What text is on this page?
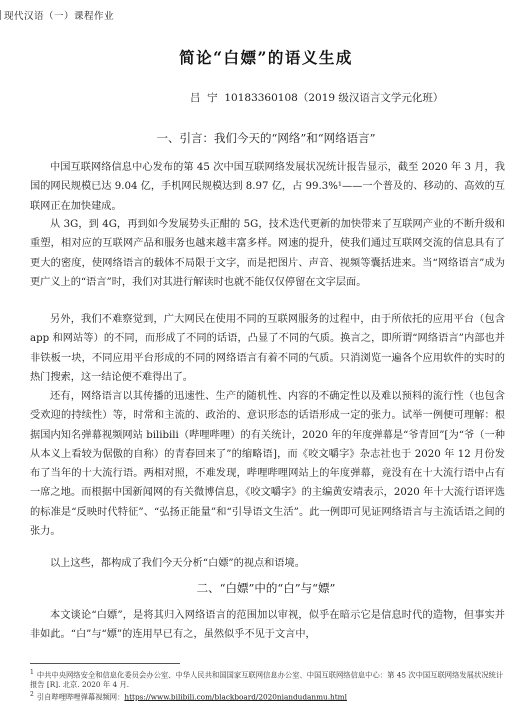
现代汉语（一）课程作业
简论“白嫖”的语义生成
吕  宁  10183360108（2019 级汉语言文学元化班）
一、引言：我们今天的“网络”和“网络语言”

中国互联网络信息中心发布的第 45 次中国互联网络发展状况统计报告显示，截至 2020 年 3 月，我国的网民规模已达 9.04 亿，手机网民规模达到 8.97 亿，占 99.3%¹——一个普及的、移动的、高效的互联网正在加快建成。

从 3G，到 4G，再到如今发展势头正酣的 5G，技术迭代更新的加快带来了互联网产业的不断升级和重塑，相对应的互联网产品和服务也越来越丰富多样。网速的提升，使我们通过互联网交流的信息具有了更大的密度，使网络语言的载体不局限于文字，而是把图片、声音、视频等囊括进来。当“网络语言”成为更广义上的“语言”时，我们对其进行解读时也就不能仅仅停留在文字层面。

另外，我们不难察觉到，广大网民在使用不同的互联网服务的过程中，由于所依托的应用平台（包含 app 和网站等）的不同，而形成了不同的话语，凸显了不同的气质。换言之，即所谓“网络语言”内部也并非铁板一块，不同应用平台形成的不同的网络语言有着不同的气质。只消浏览一遍各个应用软件的实时的热门搜索，这一结论便不难得出了。

还有，网络语言以其传播的迅速性、生产的随机性、内容的不确定性以及难以预料的流行性（也包含受欢迎的持续性）等，时常和主流的、政治的、意识形态的话语形成一定的张力。试举一例便可理解：根据国内知名弹幕视频网站 bilibili（哔哩哔哩）的有关统计，2020 年的年度弹幕是“爷青回”[为“爷（一种从本义上看较为倨傲的自称）的青春回来了”的缩略语]，而《咬文嚼字》杂志社也于 2020 年 12 月份发布了当年的十大流行语。两相对照，不难发现，哔哩哔哩网站上的年度弹幕，竟没有在十大流行语中占有一席之地。而根据中国新闻网的有关微博信息，《咬文嚼字》的主编黄安靖表示，2020 年十大流行语评选的标准是“反映时代特征”、“弘扬正能量”和“引导语文生活”。此一例即可见证网络语言与主流话语之间的张力。

以上这些，都构成了我们今天分析“白嫖”的视点和语境。

二、“白嫖”中的“白”与“嫖”

本文谈论“白嫖”，是将其归入网络语言的范围加以审视，似乎在暗示它是信息时代的造物，但事实并非如此。“白”与“嫖”的连用早已有之，虽然似乎不见于文言中，

$^1$ 中共中央网络安全和信息化委员会办公室、中华人民共和国国家互联网信息办公室、中国互联网络信息中心：第 45 次中国互联网络发展状况统计报告 [R]. 北京. 2020 年 4 月.

$^2$ 引自哔哩哔哩弹幕视频网：https://www.bilibili.com/blackboard/2020niandudanmu.html
